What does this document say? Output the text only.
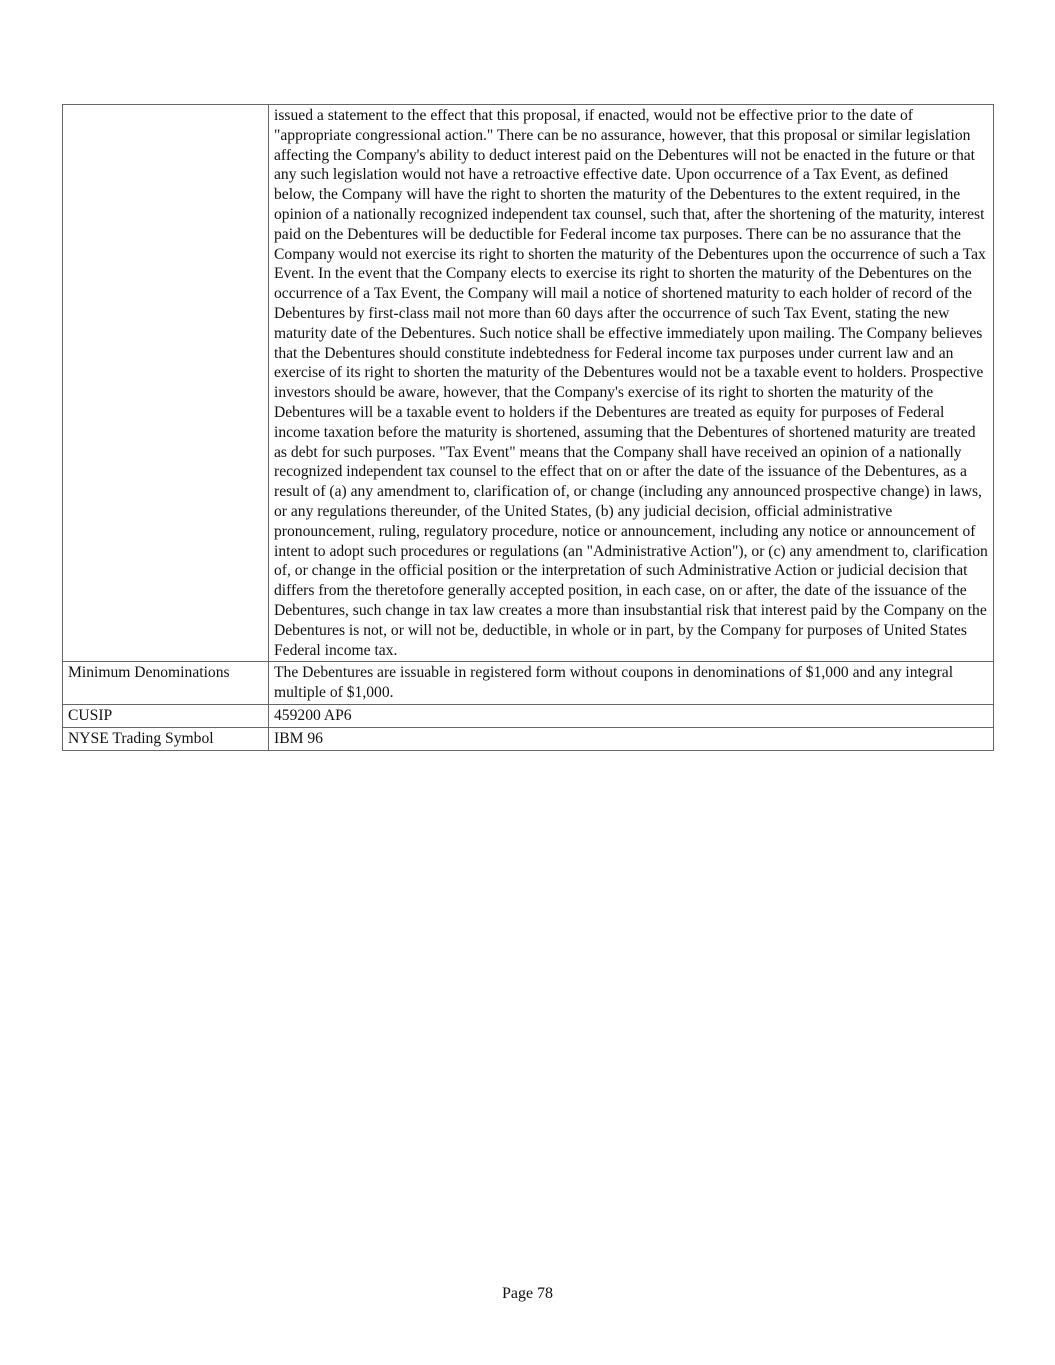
	issued a statement to the effect that this proposal, if enacted, would not be effective prior to the date of "appropriate congressional action." There can be no assurance, however, that this proposal or similar legislation affecting the Company's ability to deduct interest paid on the Debentures will not be enacted in the future or that any such legislation would not have a retroactive effective date. Upon occurrence of a Tax Event, as defined below, the Company will have the right to shorten the maturity of the Debentures to the extent required, in the opinion of a nationally recognized independent tax counsel, such that, after the shortening of the maturity, interest paid on the Debentures will be deductible for Federal income tax purposes. There can be no assurance that the Company would not exercise its right to shorten the maturity of the Debentures upon the occurrence of such a Tax Event. In the event that the Company elects to exercise its right to shorten the maturity of the Debentures on the occurrence of a Tax Event, the Company will mail a notice of shortened maturity to each holder of record of the Debentures by first-class mail not more than 60 days after the occurrence of such Tax Event, stating the new maturity date of the Debentures. Such notice shall be effective immediately upon mailing. The Company believes that the Debentures should constitute indebtedness for Federal income tax purposes under current law and an exercise of its right to shorten the maturity of the Debentures would not be a taxable event to holders. Prospective investors should be aware, however, that the Company's exercise of its right to shorten the maturity of the Debentures will be a taxable event to holders if the Debentures are treated as equity for purposes of Federal income taxation before the maturity is shortened, assuming that the Debentures of shortened maturity are treated as debt for such purposes. "Tax Event" means that the Company shall have received an opinion of a nationally recognized independent tax counsel to the effect that on or after the date of the issuance of the Debentures, as a result of (a) any amendment to, clarification of, or change (including any announced prospective change) in laws, or any regulations thereunder, of the United States, (b) any judicial decision, official administrative pronouncement, ruling, regulatory procedure, notice or announcement, including any notice or announcement of intent to adopt such procedures or regulations (an "Administrative Action"), or (c) any amendment to, clarification of, or change in the official position or the interpretation of such Administrative Action or judicial decision that differs from the theretofore generally accepted position, in each case, on or after, the date of the issuance of the Debentures, such change in tax law creates a more than insubstantial risk that interest paid by the Company on the Debentures is not, or will not be, deductible, in whole or in part, by the Company for purposes of United States Federal income tax.
Minimum Denominations	The Debentures are issuable in registered form without coupons in denominations of $1,000 and any integral multiple of $1,000.
CUSIP	459200 AP6
NYSE Trading Symbol	IBM 96
Page 78
